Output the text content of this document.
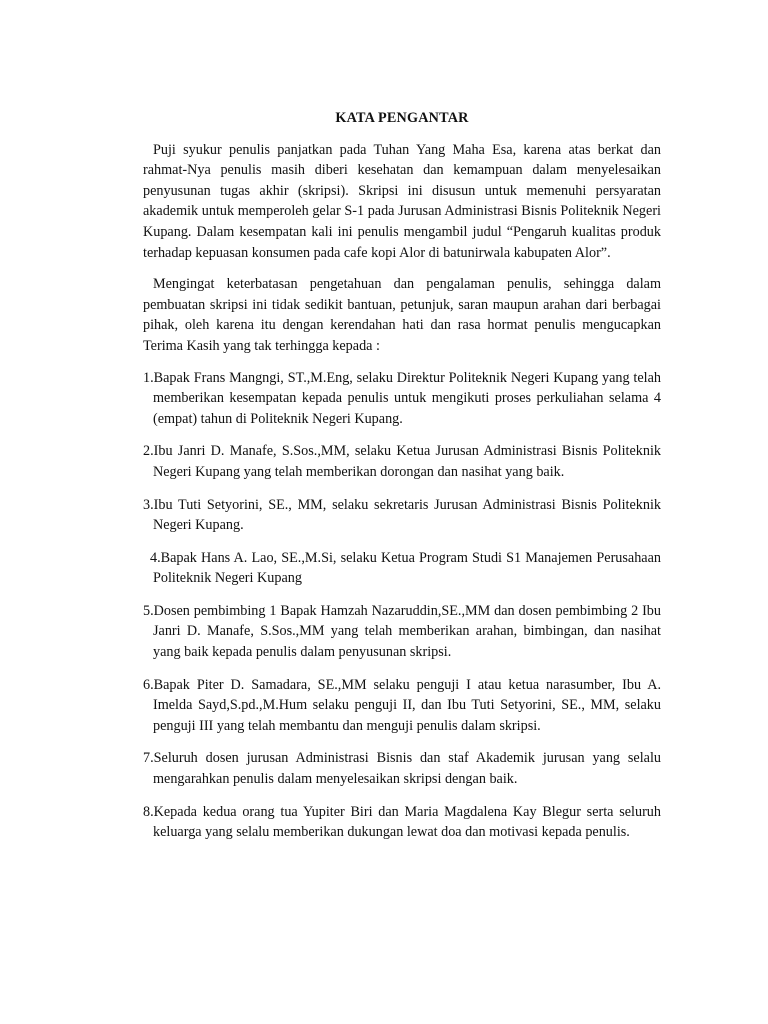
KATA PENGANTAR

Puji syukur penulis panjatkan pada Tuhan Yang Maha Esa, karena atas berkat dan rahmat-Nya penulis masih diberi kesehatan dan kemampuan dalam menyelesaikan penyusunan tugas akhir (skripsi). Skripsi ini disusun untuk memenuhi persyaratan akademik untuk memperoleh gelar S-1 pada Jurusan Administrasi Bisnis Politeknik Negeri Kupang. Dalam kesempatan kali ini penulis mengambil judul “Pengaruh kualitas produk terhadap kepuasan konsumen pada cafe kopi Alor di batunirwala kabupaten Alor”.

Mengingat keterbatasan pengetahuan dan pengalaman penulis, sehingga dalam pembuatan skripsi ini tidak sedikit bantuan, petunjuk, saran maupun arahan dari berbagai pihak, oleh karena itu dengan kerendahan hati dan rasa hormat penulis mengucapkan Terima Kasih yang tak terhingga kepada :

1.Bapak Frans Mangngi, ST.,M.Eng, selaku Direktur Politeknik Negeri Kupang yang telah memberikan kesempatan kepada penulis untuk mengikuti proses perkuliahan selama 4 (empat) tahun di Politeknik Negeri Kupang.
2.Ibu Janri D. Manafe, S.Sos.,MM, selaku Ketua Jurusan Administrasi Bisnis Politeknik Negeri Kupang yang telah memberikan dorongan dan nasihat yang baik.
3.Ibu Tuti Setyorini, SE., MM, selaku sekretaris Jurusan Administrasi Bisnis Politeknik Negeri Kupang.
4.Bapak Hans A. Lao, SE.,M.Si, selaku Ketua Program Studi S1 Manajemen Perusahaan Politeknik Negeri Kupang
5.Dosen pembimbing 1 Bapak Hamzah Nazaruddin,SE.,MM dan dosen pembimbing 2 Ibu Janri D. Manafe, S.Sos.,MM yang telah memberikan arahan, bimbingan, dan nasihat yang baik kepada penulis dalam penyusunan skripsi.
6.Bapak Piter D. Samadara, SE.,MM selaku penguji I atau ketua narasumber, Ibu A. Imelda Sayd,S.pd.,M.Hum selaku penguji II, dan Ibu Tuti Setyorini, SE., MM, selaku penguji III yang telah membantu dan menguji penulis dalam skripsi.
7.Seluruh dosen jurusan Administrasi Bisnis dan staf Akademik jurusan yang selalu mengarahkan penulis dalam menyelesaikan skripsi dengan baik.
8.Kepada kedua orang tua Yupiter Biri dan Maria Magdalena Kay Blegur serta seluruh keluarga yang selalu memberikan dukungan lewat doa dan motivasi kepada penulis.
